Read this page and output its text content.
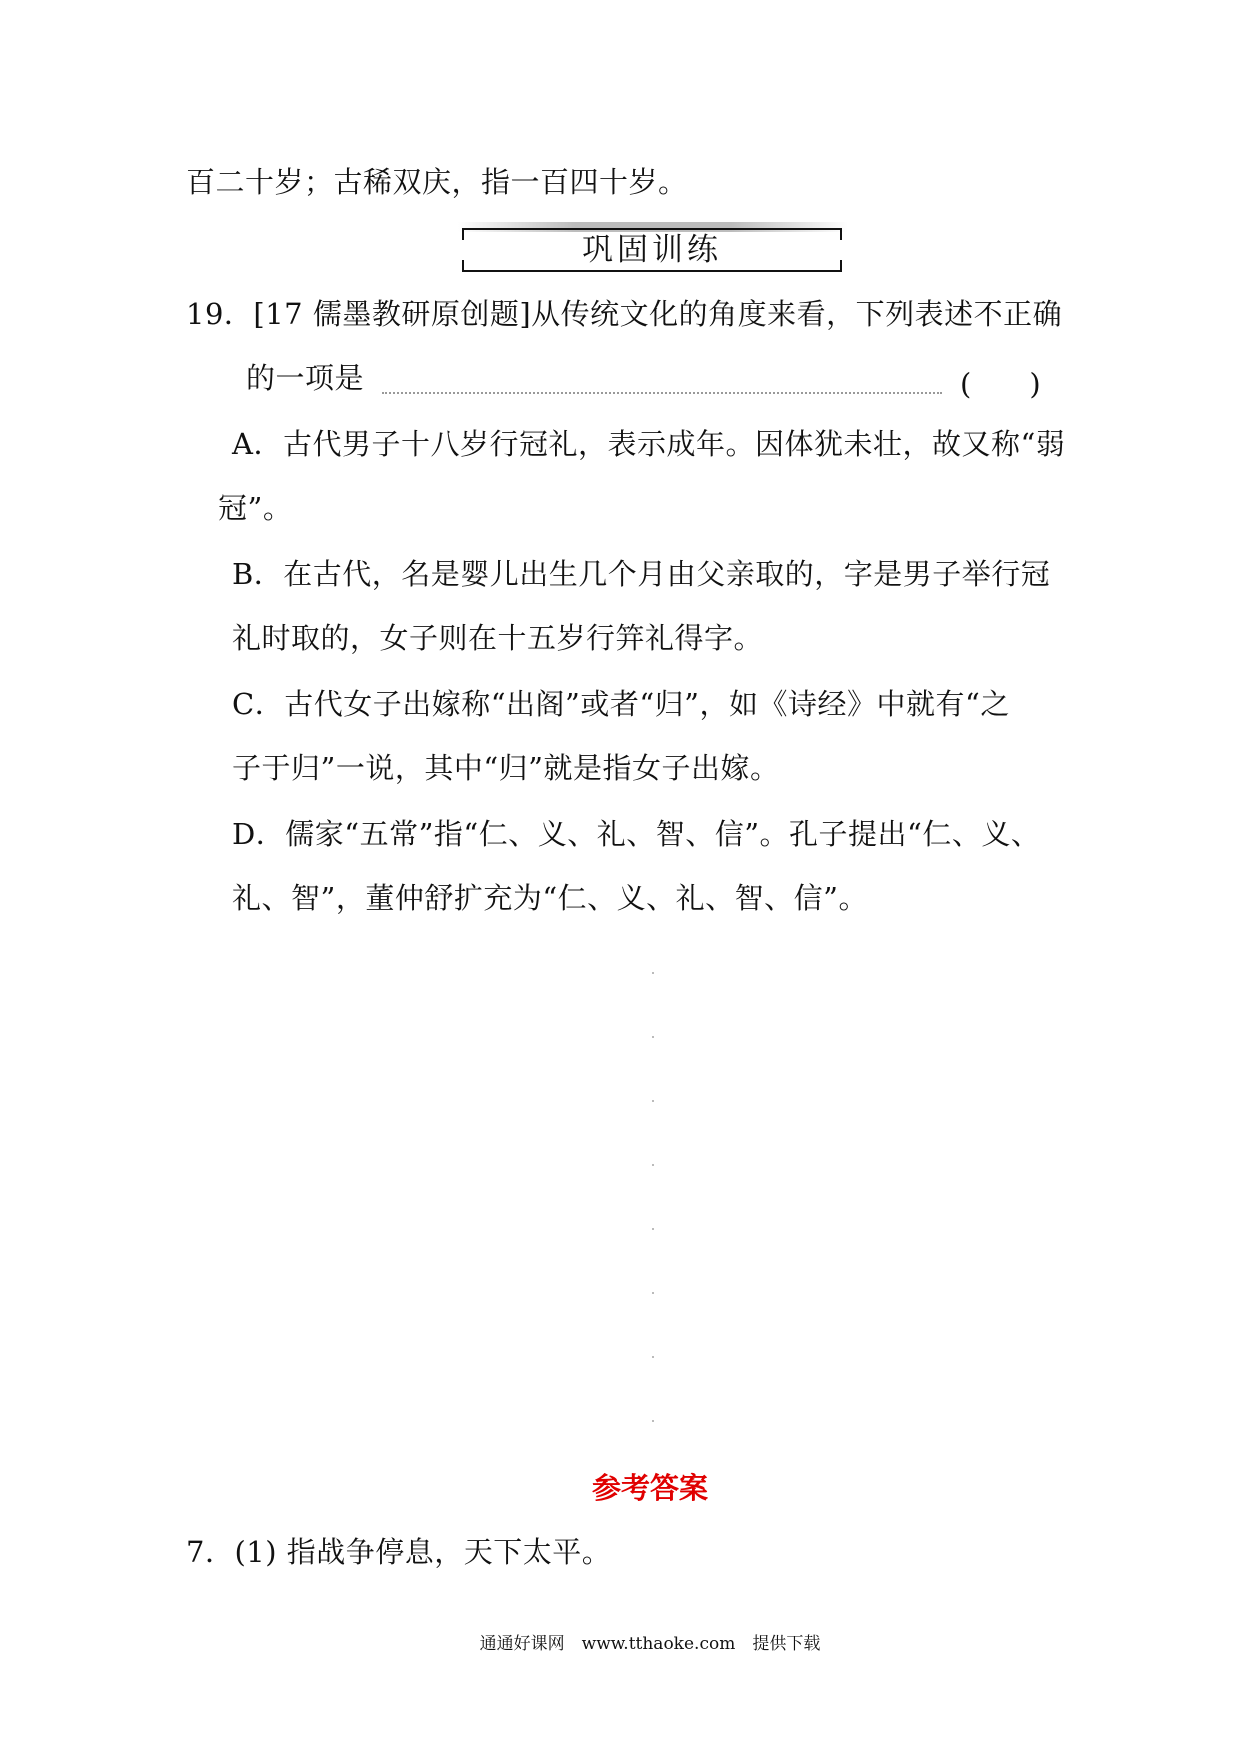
百二十岁；古稀双庆，指一百四十岁。
巩固训练
19．[17 儒墨教研原创题]从传统文化的角度来看，下列表述不正确
的一项是	(　　)
A．古代男子十八岁行冠礼，表示成年。因体犹未壮，故又称“弱
冠”。
B．在古代，名是婴儿出生几个月由父亲取的，字是男子举行冠
礼时取的，女子则在十五岁行笄礼得字。
C．古代女子出嫁称“出阁”或者“归”，如《诗经》中就有“之
子于归”一说，其中“归”就是指女子出嫁。
D．儒家“五常”指“仁、义、礼、智、信”。孔子提出“仁、义、
礼、智”，董仲舒扩充为“仁、义、礼、智、信”。
参考答案
7．(1) 指战争停息，天下太平。
通通好课网　www.tthaoke.com　提供下载
